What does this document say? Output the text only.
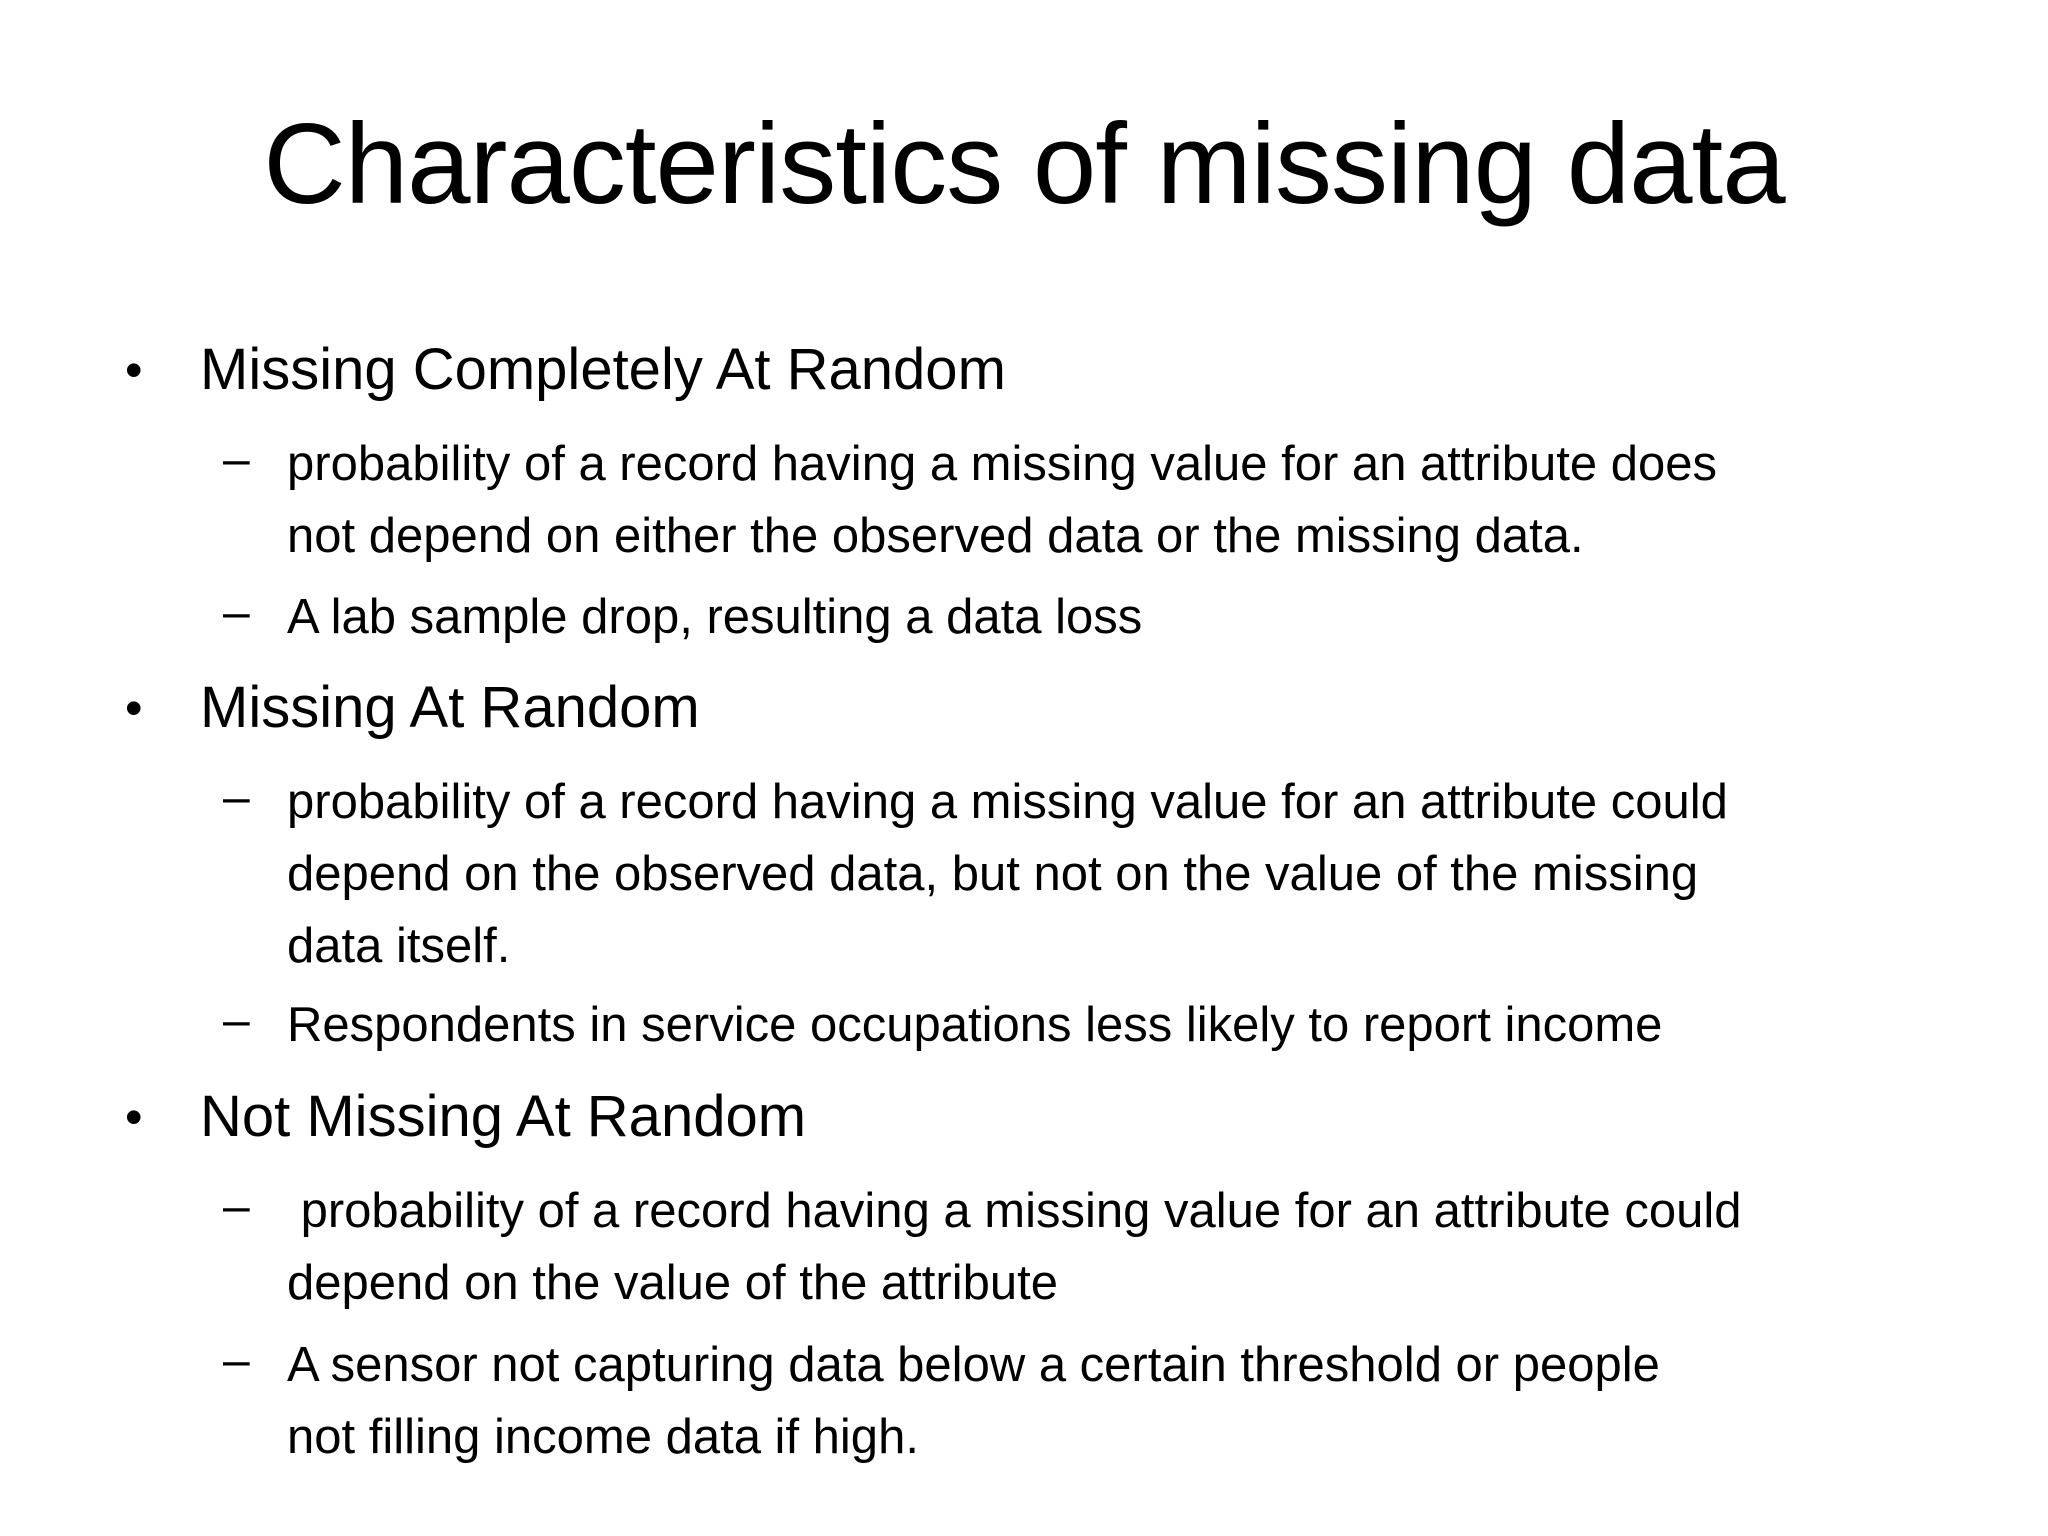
Characteristics of missing data
• Missing Completely At Random
– probability of a record having a missing value for an attribute does
not depend on either the observed data or the missing data.
– A lab sample drop, resulting a data loss
• Missing At Random
– probability of a record having a missing value for an attribute could
depend on the observed data, but not on the value of the missing
data itself.
– Respondents in service occupations less likely to report income
• Not Missing At Random
– probability of a record having a missing value for an attribute could
depend on the value of the attribute
– A sensor not capturing data below a certain threshold or people
not filling income data if high.
